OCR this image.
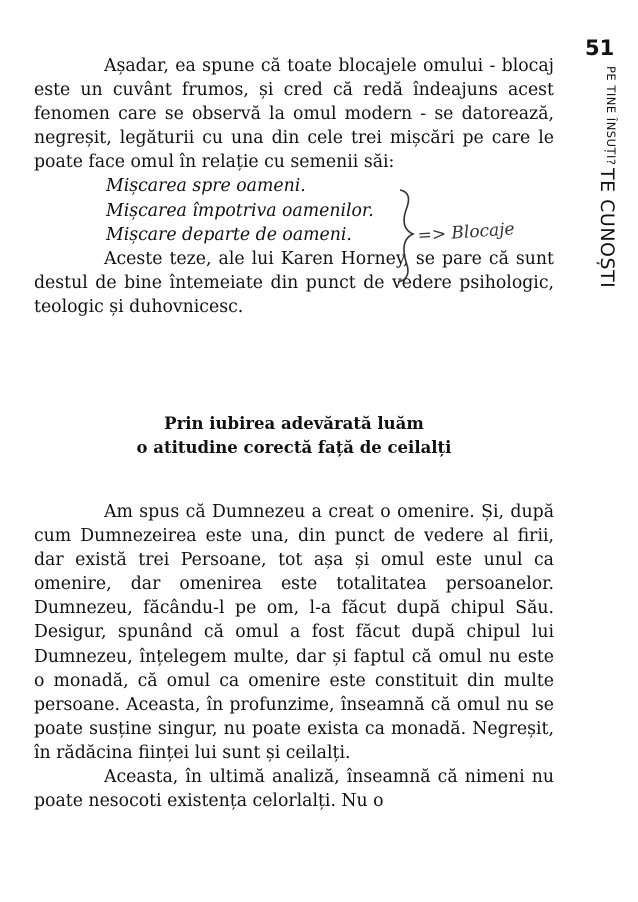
51
TE CUNOȘTI
PE TINE ÎNSUȚI?

Așadar, ea spune că toate blocajele omului - blocaj este un cuvânt frumos, și cred că redă îndeajuns acest fenomen care se observă la omul modern - se datorează, negreșit, legăturii cu una din cele trei mișcări pe care le poate face omul în relație cu semenii săi:

Mișcarea spre oameni.
Mișcarea împotriva oamenilor.
Mișcare departe de oameni.

Aceste teze, ale lui Karen Horney, se pare că sunt destul de bine întemeiate din punct de vedere psihologic, teologic și duhovnicesc.

=> Blocaje
Prin iubirea adevărată luăm
o atitudine corectă față de ceilalți

Am spus că Dumnezeu a creat o omenire. Și, după cum Dumnezeirea este una, din punct de vedere al firii, dar există trei Persoane, tot așa și omul este unul ca omenire, dar omenirea este totalitatea persoanelor. Dumnezeu, făcându-l pe om, l-a făcut după chipul Său. Desigur, spunând că omul a fost făcut după chipul lui Dumnezeu, înțelegem multe, dar și faptul că omul nu este o monadă, că omul ca omenire este constituit din multe persoane. Aceasta, în profunzime, înseamnă că omul nu se poate susține singur, nu poate exista ca monadă. Negreșit, în rădăcina ființei lui sunt și ceilalți.

Aceasta, în ultimă analiză, înseamnă că nimeni nu poate nesocoti existența celorlalți. Nu o
